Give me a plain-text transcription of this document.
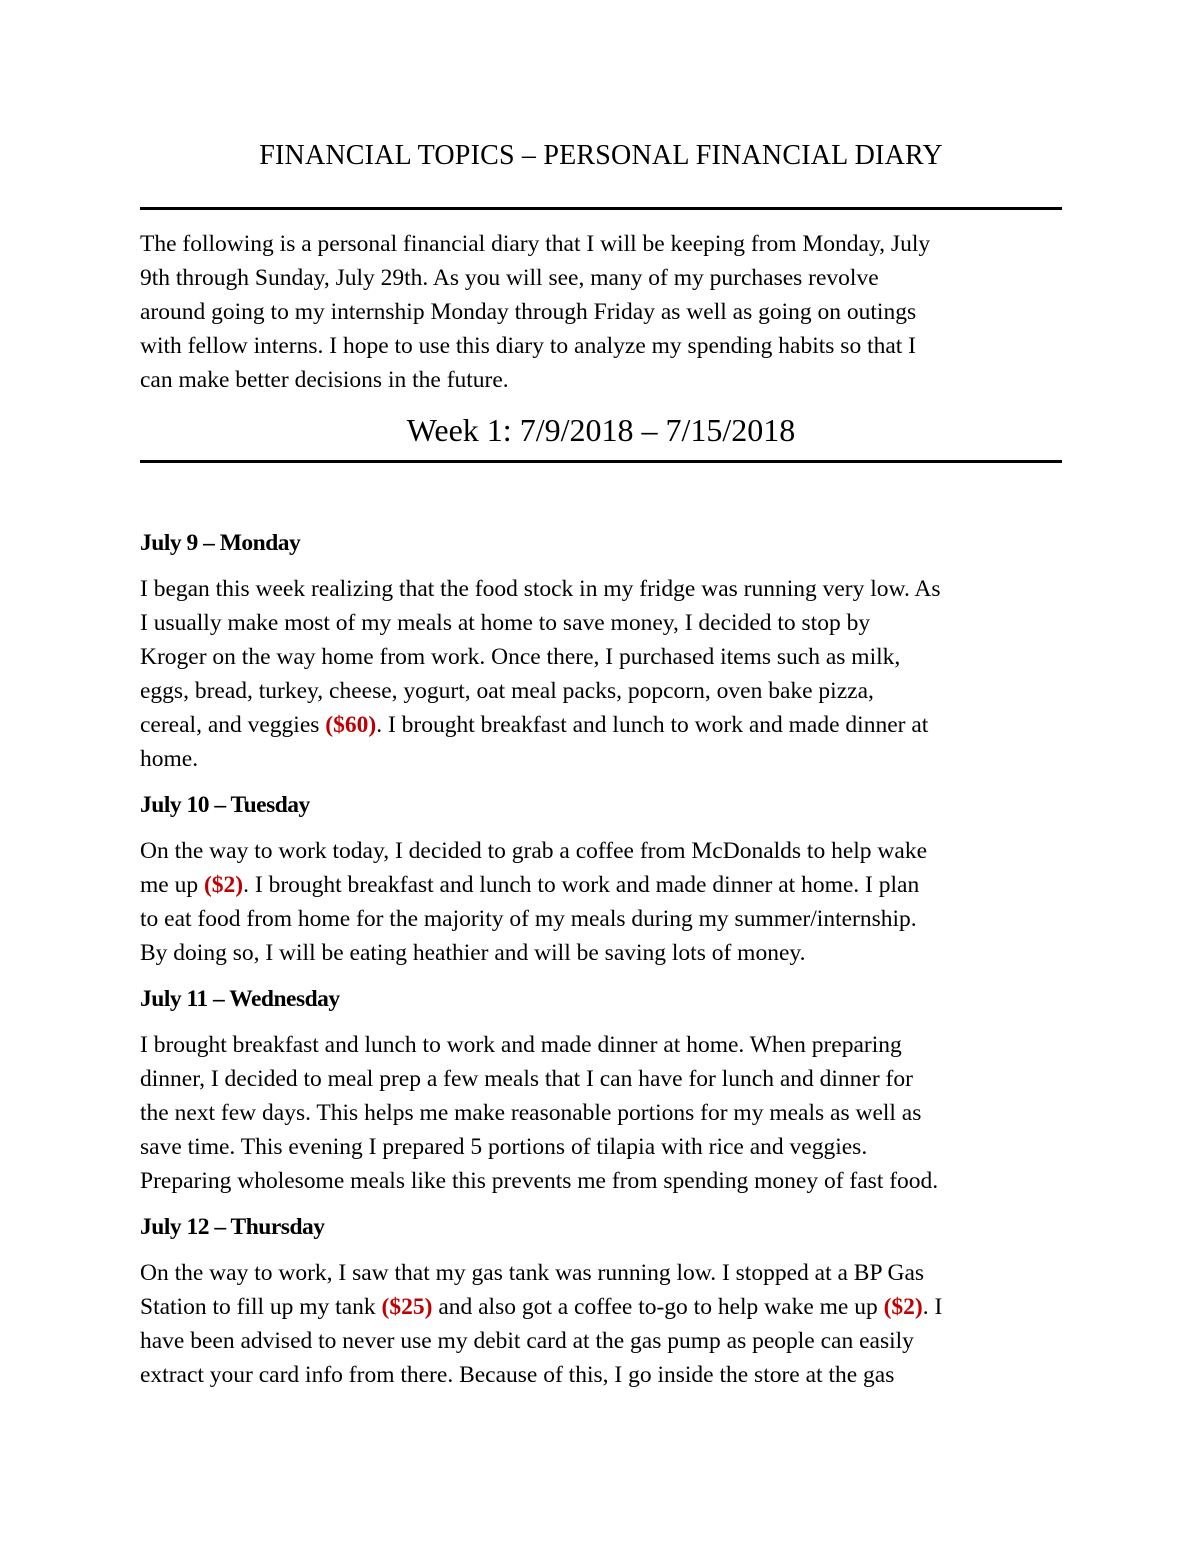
FINANCIAL TOPICS – PERSONAL FINANCIAL DIARY
The following is a personal financial diary that I will be keeping from Monday, July
9th through Sunday, July 29th. As you will see, many of my purchases revolve
around going to my internship Monday through Friday as well as going on outings
with fellow interns. I hope to use this diary to analyze my spending habits so that I
can make better decisions in the future.
Week 1: 7/9/2018 – 7/15/2018
July 9 – Monday
I began this week realizing that the food stock in my fridge was running very low. As
I usually make most of my meals at home to save money, I decided to stop by
Kroger on the way home from work. Once there, I purchased items such as milk,
eggs, bread, turkey, cheese, yogurt, oat meal packs, popcorn, oven bake pizza,
cereal, and veggies ($60). I brought breakfast and lunch to work and made dinner at
home.
July 10 – Tuesday
On the way to work today, I decided to grab a coffee from McDonalds to help wake
me up ($2). I brought breakfast and lunch to work and made dinner at home. I plan
to eat food from home for the majority of my meals during my summer/internship.
By doing so, I will be eating heathier and will be saving lots of money.
July 11 – Wednesday
I brought breakfast and lunch to work and made dinner at home. When preparing
dinner, I decided to meal prep a few meals that I can have for lunch and dinner for
the next few days. This helps me make reasonable portions for my meals as well as
save time. This evening I prepared 5 portions of tilapia with rice and veggies.
Preparing wholesome meals like this prevents me from spending money of fast food.
July 12 – Thursday
On the way to work, I saw that my gas tank was running low. I stopped at a BP Gas
Station to fill up my tank ($25) and also got a coffee to-go to help wake me up ($2). I
have been advised to never use my debit card at the gas pump as people can easily
extract your card info from there. Because of this, I go inside the store at the gas
